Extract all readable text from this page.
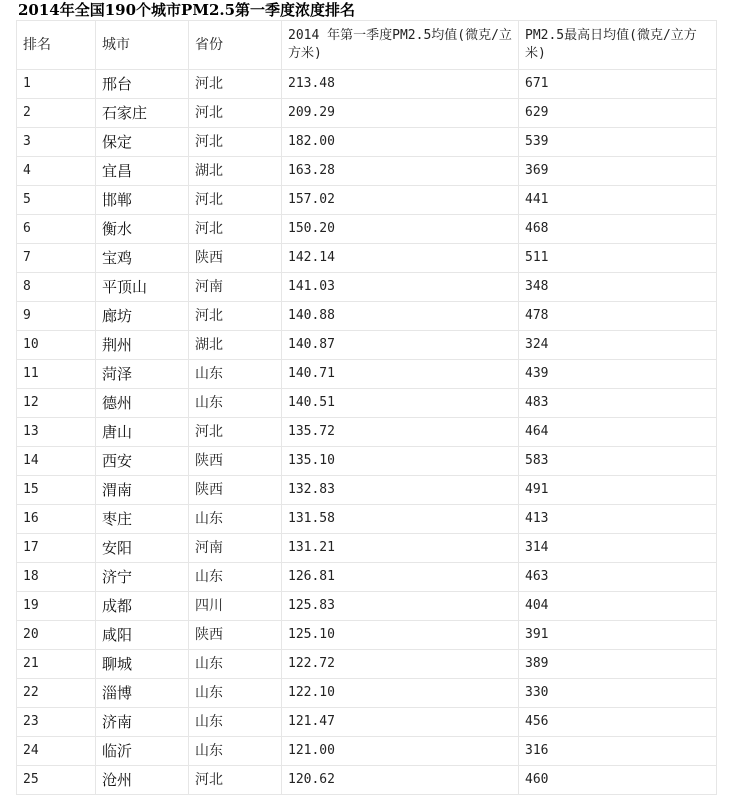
2014年全国190个城市PM2.5第一季度浓度排名
排名	城市	省份	2014 年第一季度PM2.5均值(微克/立方米)	PM2.5最高日均值(微克/立方米)
1	邢台	河北	213.48	671
2	石家庄	河北	209.29	629
3	保定	河北	182.00	539
4	宜昌	湖北	163.28	369
5	邯郸	河北	157.02	441
6	衡水	河北	150.20	468
7	宝鸡	陕西	142.14	511
8	平顶山	河南	141.03	348
9	廊坊	河北	140.88	478
10	荆州	湖北	140.87	324
11	菏泽	山东	140.71	439
12	德州	山东	140.51	483
13	唐山	河北	135.72	464
14	西安	陕西	135.10	583
15	渭南	陕西	132.83	491
16	枣庄	山东	131.58	413
17	安阳	河南	131.21	314
18	济宁	山东	126.81	463
19	成都	四川	125.83	404
20	咸阳	陕西	125.10	391
21	聊城	山东	122.72	389
22	淄博	山东	122.10	330
23	济南	山东	121.47	456
24	临沂	山东	121.00	316
25	沧州	河北	120.62	460
